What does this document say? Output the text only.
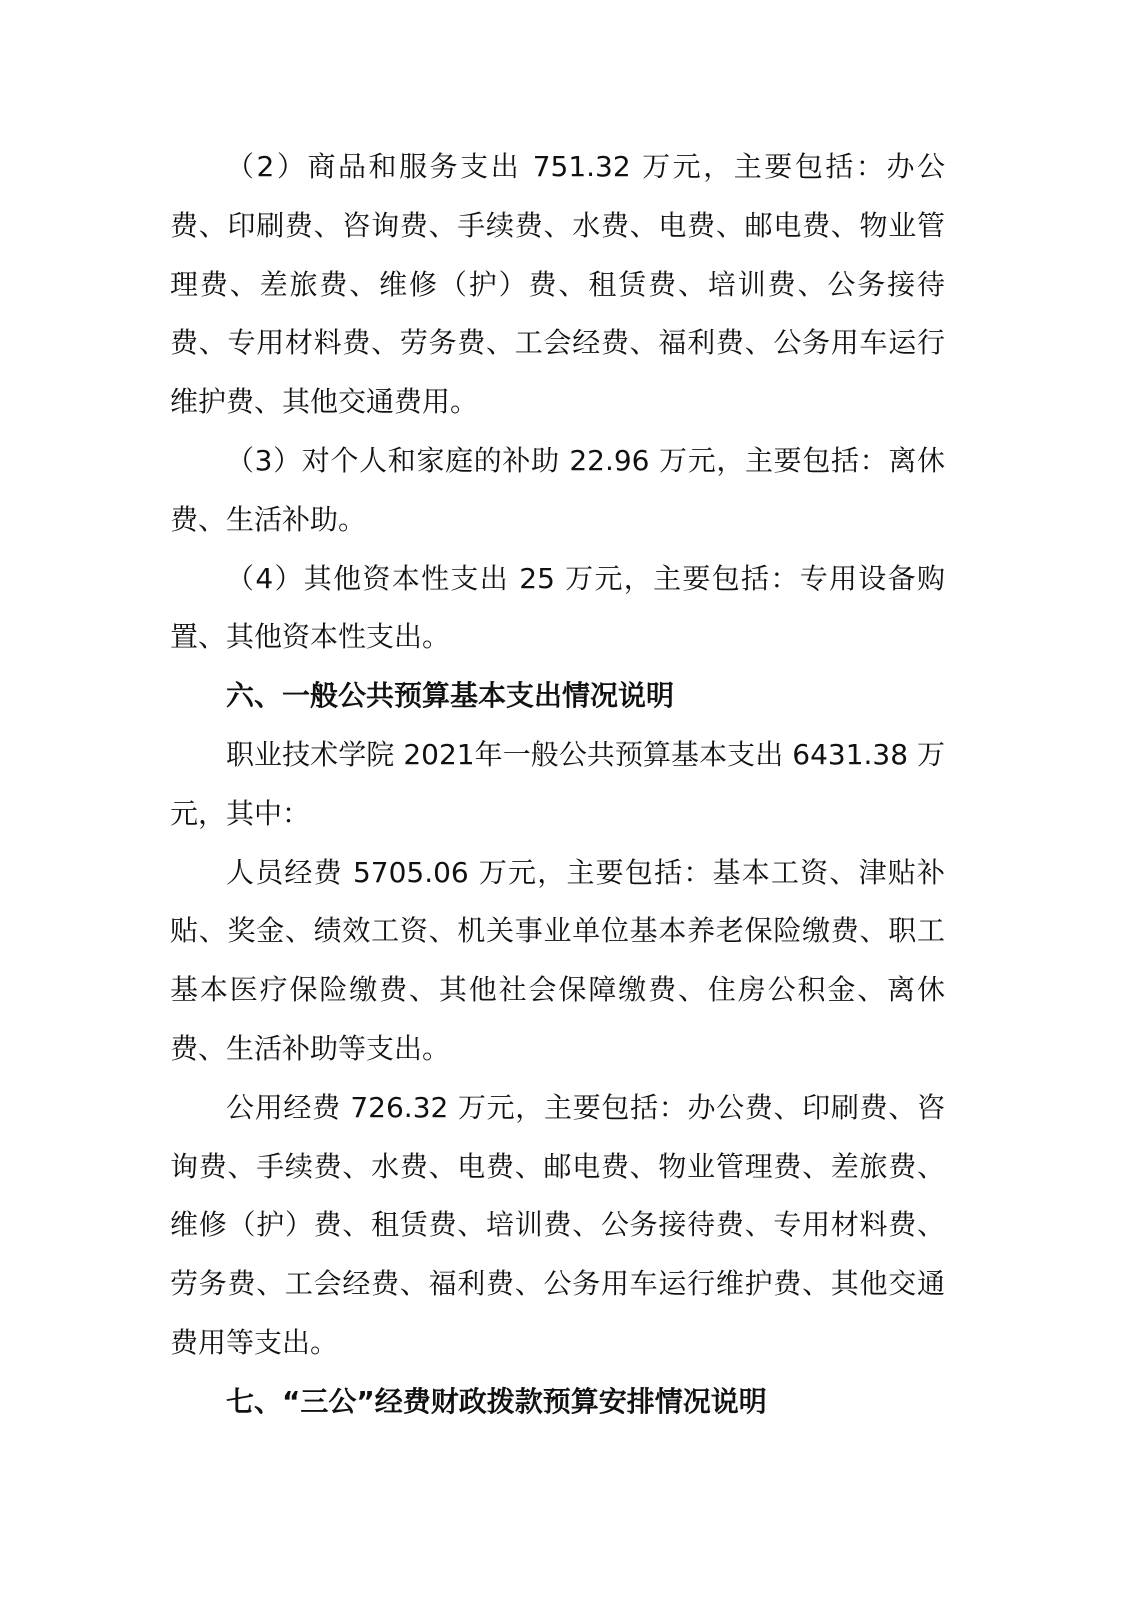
（2）商品和服务支出 751.32 万元，主要包括：办公费、印刷费、咨询费、手续费、水费、电费、邮电费、物业管理费、差旅费、维修（护）费、租赁费、培训费、公务接待费、专用材料费、劳务费、工会经费、福利费、公务用车运行维护费、其他交通费用。

（3）对个人和家庭的补助 22.96 万元，主要包括：离休费、生活补助。

（4）其他资本性支出 25 万元，主要包括：专用设备购置、其他资本性支出。

六、一般公共预算基本支出情况说明

职业技术学院 2021年一般公共预算基本支出 6431.38 万元，其中：

人员经费 5705.06 万元，主要包括：基本工资、津贴补贴、奖金、绩效工资、机关事业单位基本养老保险缴费、职工基本医疗保险缴费、其他社会保障缴费、住房公积金、离休费、生活补助等支出。

公用经费 726.32 万元，主要包括：办公费、印刷费、咨询费、手续费、水费、电费、邮电费、物业管理费、差旅费、维修（护）费、租赁费、培训费、公务接待费、专用材料费、劳务费、工会经费、福利费、公务用车运行维护费、其他交通费用等支出。

七、“三公”经费财政拨款预算安排情况说明
